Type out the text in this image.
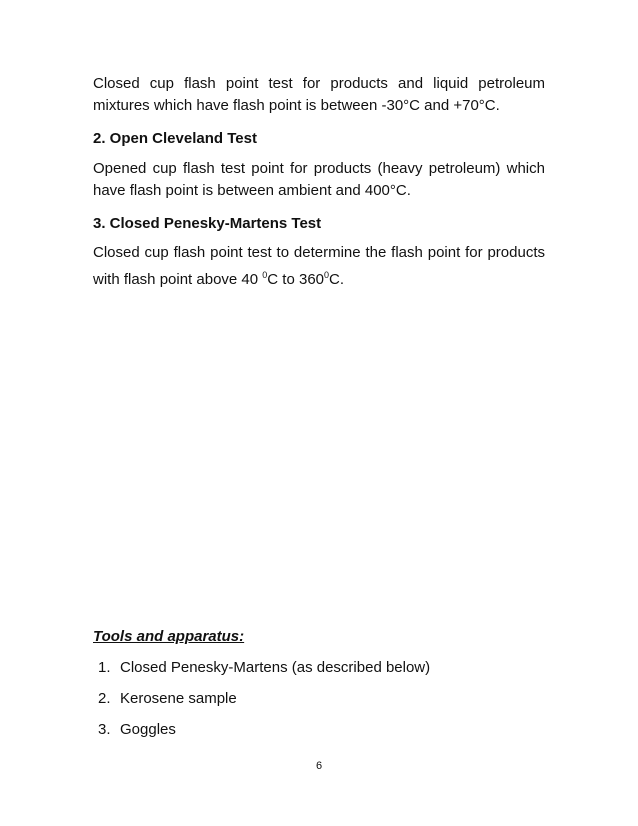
Closed cup flash point test for products and liquid petroleum mixtures which have flash point is between -30°C and +70°C.

2. Open Cleveland Test

Opened cup flash test point for products (heavy petroleum) which have flash point is between ambient and 400°C.

3. Closed Penesky-Martens Test

Closed cup flash point test to determine the flash point for products with flash point above 40 $^0$C to $360^0C$.

Tools and apparatus:
1. Closed Penesky-Martens (as described below)
2. Kerosene sample
3. Goggles
6
